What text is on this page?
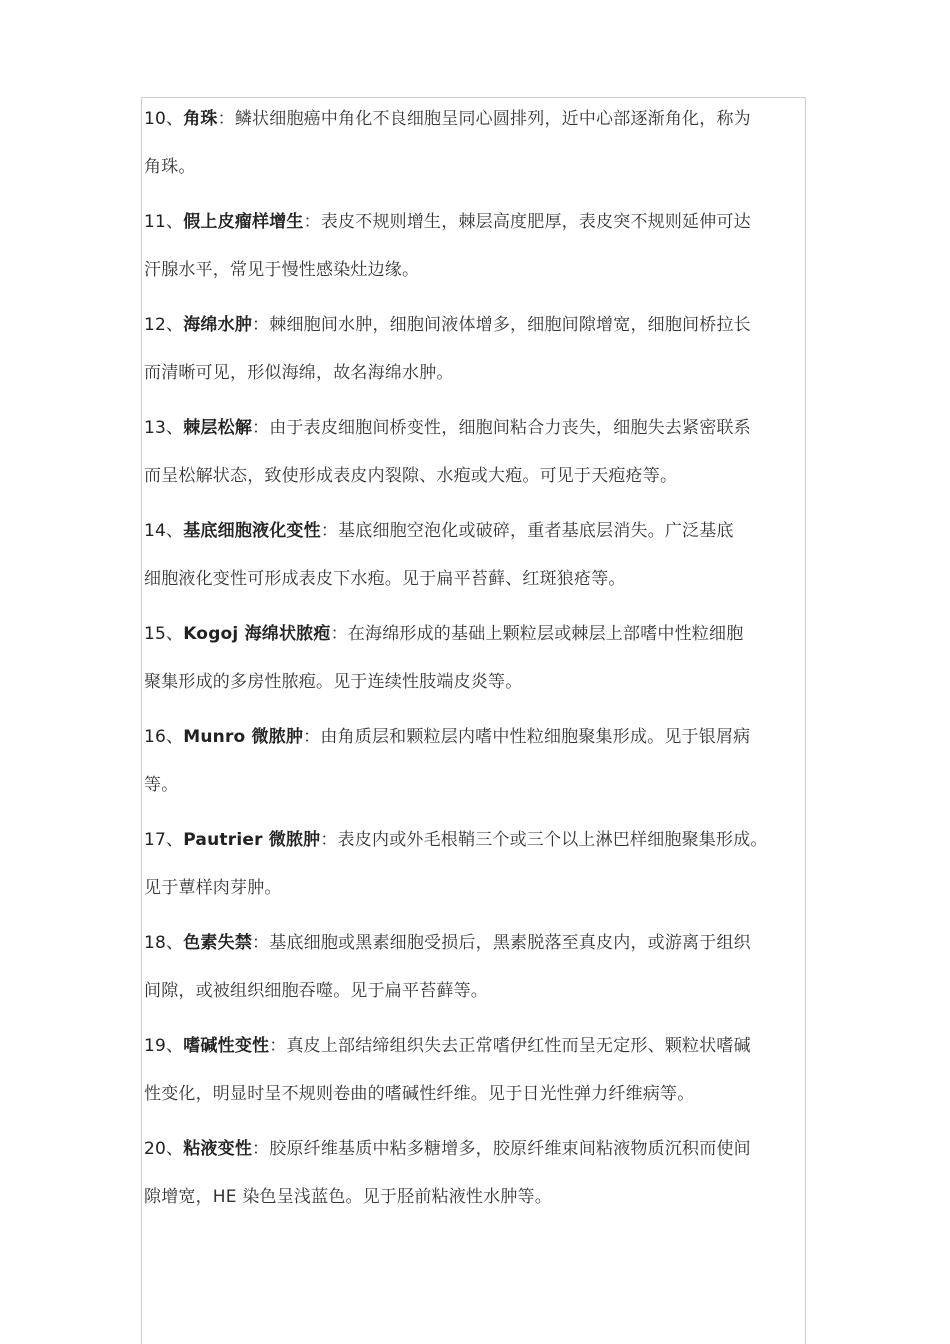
10、角珠：鳞状细胞癌中角化不良细胞呈同心圆排列，近中心部逐渐角化，称为
角珠。
11、假上皮瘤样增生：表皮不规则增生，棘层高度肥厚，表皮突不规则延伸可达
汗腺水平，常见于慢性感染灶边缘。
12、海绵水肿：棘细胞间水肿，细胞间液体增多，细胞间隙增宽，细胞间桥拉长
而清晰可见，形似海绵，故名海绵水肿。
13、棘层松解：由于表皮细胞间桥变性，细胞间粘合力丧失，细胞失去紧密联系
而呈松解状态，致使形成表皮内裂隙、水疱或大疱。可见于天疱疮等。
14、基底细胞液化变性：基底细胞空泡化或破碎，重者基底层消失。广泛基底
细胞液化变性可形成表皮下水疱。见于扁平苔藓、红斑狼疮等。
15、Kogoj 海绵状脓疱：在海绵形成的基础上颗粒层或棘层上部嗜中性粒细胞
聚集形成的多房性脓疱。见于连续性肢端皮炎等。
16、Munro 微脓肿：由角质层和颗粒层内嗜中性粒细胞聚集形成。见于银屑病
等。
17、Pautrier 微脓肿：表皮内或外毛根鞘三个或三个以上淋巴样细胞聚集形成。
见于蕈样肉芽肿。
18、色素失禁：基底细胞或黑素细胞受损后，黑素脱落至真皮内，或游离于组织
间隙，或被组织细胞吞噬。见于扁平苔藓等。
19、嗜碱性变性：真皮上部结缔组织失去正常嗜伊红性而呈无定形、颗粒状嗜碱
性变化，明显时呈不规则卷曲的嗜碱性纤维。见于日光性弹力纤维病等。
20、粘液变性：胶原纤维基质中粘多糖增多，胶原纤维束间粘液物质沉积而使间
隙增宽，HE 染色呈浅蓝色。见于胫前粘液性水肿等。
